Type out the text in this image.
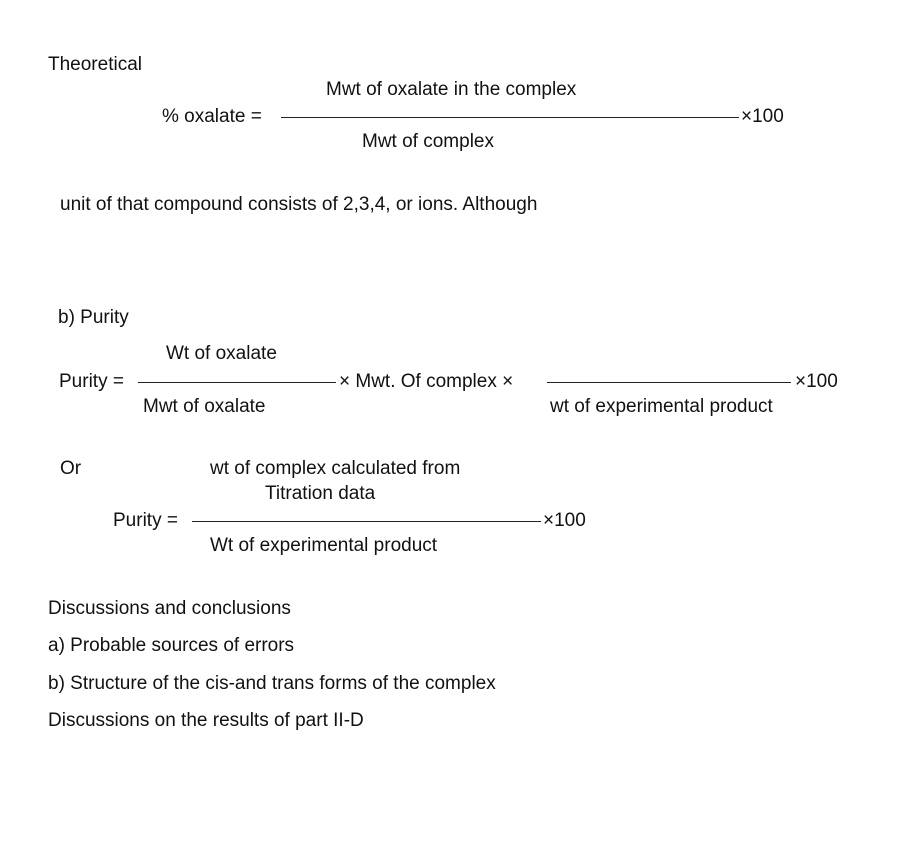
Theoretical
Mwt of oxalate in the complex
% oxalate =	×100
Mwt of complex
unit of that compound consists of 2,3,4, or ions. Although
b) Purity
Wt of oxalate
Purity =	× Mwt. Of complex ×	×100
Mwt of oxalate	wt of experimental product
Or	wt of complex calculated from
Titration data
Purity =	×100
Wt of experimental product
Discussions and conclusions
a) Probable sources of errors
b) Structure of the cis-and trans forms of the complex
Discussions on the results of part II-D
